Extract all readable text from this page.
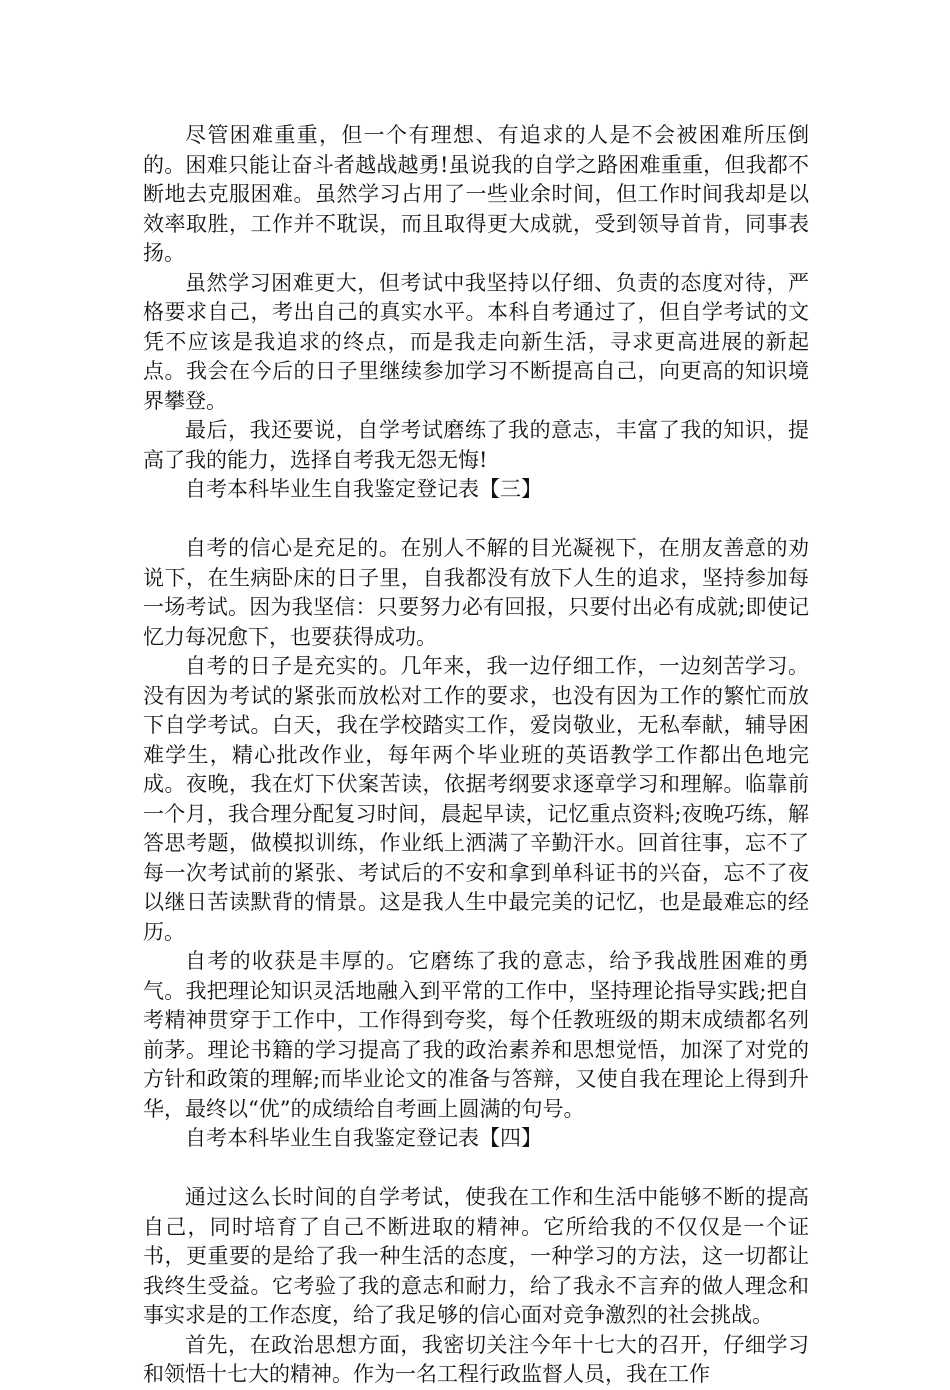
尽管困难重重，但一个有理想、有追求的人是不会被困难所压倒的。困难只能让奋斗者越战越勇!虽说我的自学之路困难重重，但我都不断地去克服困难。虽然学习占用了一些业余时间，但工作时间我却是以效率取胜，工作并不耽误，而且取得更大成就，受到领导首肯，同事表扬。

虽然学习困难更大，但考试中我坚持以仔细、负责的态度对待，严格要求自己，考出自己的真实水平。本科自考通过了，但自学考试的文凭不应该是我追求的终点，而是我走向新生活，寻求更高进展的新起点。我会在今后的日子里继续参加学习不断提高自己，向更高的知识境界攀登。

最后，我还要说，自学考试磨练了我的意志，丰富了我的知识，提高了我的能力，选择自考我无怨无悔!

自考本科毕业生自我鉴定登记表【三】

自考的信心是充足的。在别人不解的目光凝视下，在朋友善意的劝说下，在生病卧床的日子里，自我都没有放下人生的追求，坚持参加每一场考试。因为我坚信：只要努力必有回报，只要付出必有成就;即使记忆力每况愈下，也要获得成功。

自考的日子是充实的。几年来，我一边仔细工作，一边刻苦学习。没有因为考试的紧张而放松对工作的要求，也没有因为工作的繁忙而放下自学考试。白天，我在学校踏实工作，爱岗敬业，无私奉献，辅导困难学生，精心批改作业，每年两个毕业班的英语教学工作都出色地完成。夜晚，我在灯下伏案苦读，依据考纲要求逐章学习和理解。临靠前一个月，我合理分配复习时间，晨起早读，记忆重点资料;夜晚巧练，解答思考题，做模拟训练，作业纸上洒满了辛勤汗水。回首往事，忘不了每一次考试前的紧张、考试后的不安和拿到单科证书的兴奋，忘不了夜以继日苦读默背的情景。这是我人生中最完美的记忆，也是最难忘的经历。

自考的收获是丰厚的。它磨练了我的意志，给予我战胜困难的勇气。我把理论知识灵活地融入到平常的工作中，坚持理论指导实践;把自考精神贯穿于工作中，工作得到夸奖，每个任教班级的期末成绩都名列前茅。理论书籍的学习提高了我的政治素养和思想觉悟，加深了对党的方针和政策的理解;而毕业论文的准备与答辩，又使自我在理论上得到升华，最终以“优”的成绩给自考画上圆满的句号。

自考本科毕业生自我鉴定登记表【四】

通过这么长时间的自学考试，使我在工作和生活中能够不断的提高自己，同时培育了自己不断进取的精神。它所给我的不仅仅是一个证书，更重要的是给了我一种生活的态度，一种学习的方法，这一切都让我终生受益。它考验了我的意志和耐力，给了我永不言弃的做人理念和事实求是的工作态度，给了我足够的信心面对竞争激烈的社会挑战。

首先，在政治思想方面，我密切关注今年十七大的召开，仔细学习和领悟十七大的精神。作为一名工程行政监督人员，我在工作
